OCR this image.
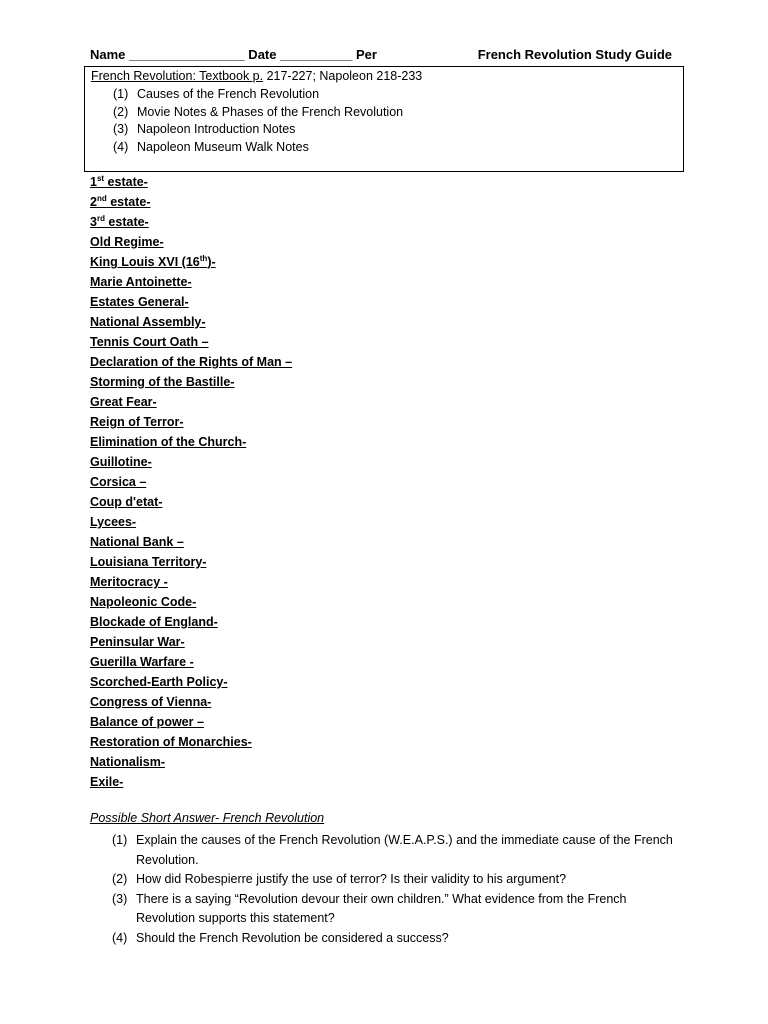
Name ________________ Date __________ Per	French Revolution Study Guide
French Revolution: Textbook p. 217-227; Napoleon 218-233
(1) Causes of the French Revolution
(2) Movie Notes & Phases of the French Revolution
(3) Napoleon Introduction Notes
(4) Napoleon Museum Walk Notes
1st estate-
2nd estate-
3rd estate-
Old Regime-
King Louis XVI (16th)-
Marie Antoinette-
Estates General-
National Assembly-
Tennis Court Oath –
Declaration of the Rights of Man –
Storming of the Bastille-
Great Fear-
Reign of Terror-
Elimination of the Church-
Guillotine-
Corsica –
Coup d'etat-
Lycees-
National Bank –
Louisiana Territory-
Meritocracy -
Napoleonic Code-
Blockade of England-
Peninsular War-
Guerilla Warfare -
Scorched-Earth Policy-
Congress of Vienna-
Balance of power –
Restoration of Monarchies-
Nationalism-
Exile-
Possible Short Answer- French Revolution
(1) Explain the causes of the French Revolution (W.E.A.P.S.) and the immediate cause of the French Revolution.
(2) How did Robespierre justify the use of terror? Is their validity to his argument?
(3) There is a saying “Revolution devour their own children.” What evidence from the French Revolution supports this statement?
(4) Should the French Revolution be considered a success?
